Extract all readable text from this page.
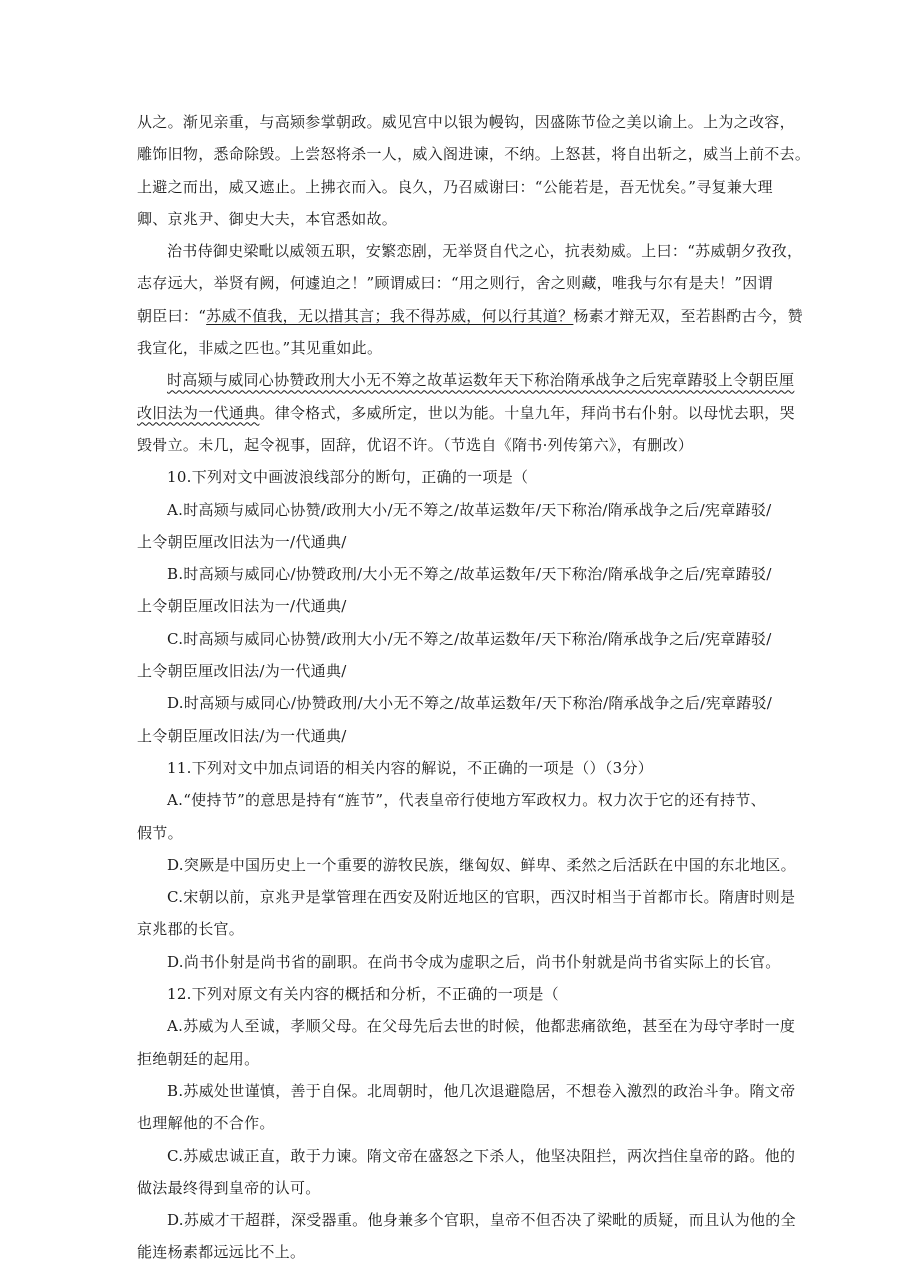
从之。渐见亲重，与高颎参掌朝政。威见宫中以银为幔钩，因盛陈节俭之美以谕上。上为之改容，
雕饰旧物，悉命除毁。上尝怒将杀一人，威入阁进谏，不纳。上怒甚，将自出斩之，威当上前不去。
上避之而出，威又遮止。上拂衣而入。良久，乃召威谢曰：“公能若是，吾无忧矣。”寻复兼大理
卿、京兆尹、御史大夫，本官悉如故。
治书侍御史梁毗以威领五职，安繁恋剧，无举贤自代之心，抗表劾威。上曰：“苏威朝夕孜孜，
志存远大，举贤有阙，何遽迫之！”顾谓威曰：“用之则行，舍之则藏，唯我与尔有是夫！”因谓
朝臣曰：“苏威不值我，无以措其言；我不得苏威，何以行其道？杨素才辩无双，至若斟酌古今，赞
我宣化，非威之匹也。”其见重如此。
时高颎与威同心协赞政刑大小无不筹之故革运数年天下称治隋承战争之后宪章踳驳上令朝臣厘
改旧法为一代通典。律令格式，多威所定，世以为能。十皇九年，拜尚书右仆射。以母忧去职，哭
毁骨立。未几，起令视事，固辞，优诏不许。（节选自《隋书·列传第六》，有删改）
10.下列对文中画波浪线部分的断句，正确的一项是（
A.时高颎与威同心协赞/政刑大小/无不筹之/故革运数年/天下称治/隋承战争之后/宪章踳驳/
上令朝臣厘改旧法为一/代通典/
B.时高颎与威同心/协赞政刑/大小无不筹之/故革运数年/天下称治/隋承战争之后/宪章踳驳/
上令朝臣厘改旧法为一/代通典/
C.时高颎与威同心协赞/政刑大小/无不筹之/故革运数年/天下称治/隋承战争之后/宪章踳驳/
上令朝臣厘改旧法/为一代通典/
D.时高颎与威同心/协赞政刑/大小无不筹之/故革运数年/天下称治/隋承战争之后/宪章踳驳/
上令朝臣厘改旧法/为一代通典/
11.下列对文中加点词语的相关内容的解说，不正确的一项是（）（3分）
A.“使持节”的意思是持有“旌节”，代表皇帝行使地方军政权力。权力次于它的还有持节、
假节。
D.突厥是中国历史上一个重要的游牧民族，继匈奴、鲜卑、柔然之后活跃在中国的东北地区。
C.宋朝以前，京兆尹是掌管理在西安及附近地区的官职，西汉时相当于首都市长。隋唐时则是
京兆郡的长官。
D.尚书仆射是尚书省的副职。在尚书令成为虚职之后，尚书仆射就是尚书省实际上的长官。
12.下列对原文有关内容的概括和分析，不正确的一项是（
A.苏威为人至诚，孝顺父母。在父母先后去世的时候，他都悲痛欲绝，甚至在为母守孝时一度
拒绝朝廷的起用。
B.苏威处世谨慎，善于自保。北周朝时，他几次退避隐居，不想卷入激烈的政治斗争。隋文帝
也理解他的不合作。
C.苏威忠诚正直，敢于力谏。隋文帝在盛怒之下杀人，他坚决阻拦，两次挡住皇帝的路。他的
做法最终得到皇帝的认可。
D.苏威才干超群，深受器重。他身兼多个官职，皇帝不但否决了梁毗的质疑，而且认为他的全
能连杨素都远远比不上。
